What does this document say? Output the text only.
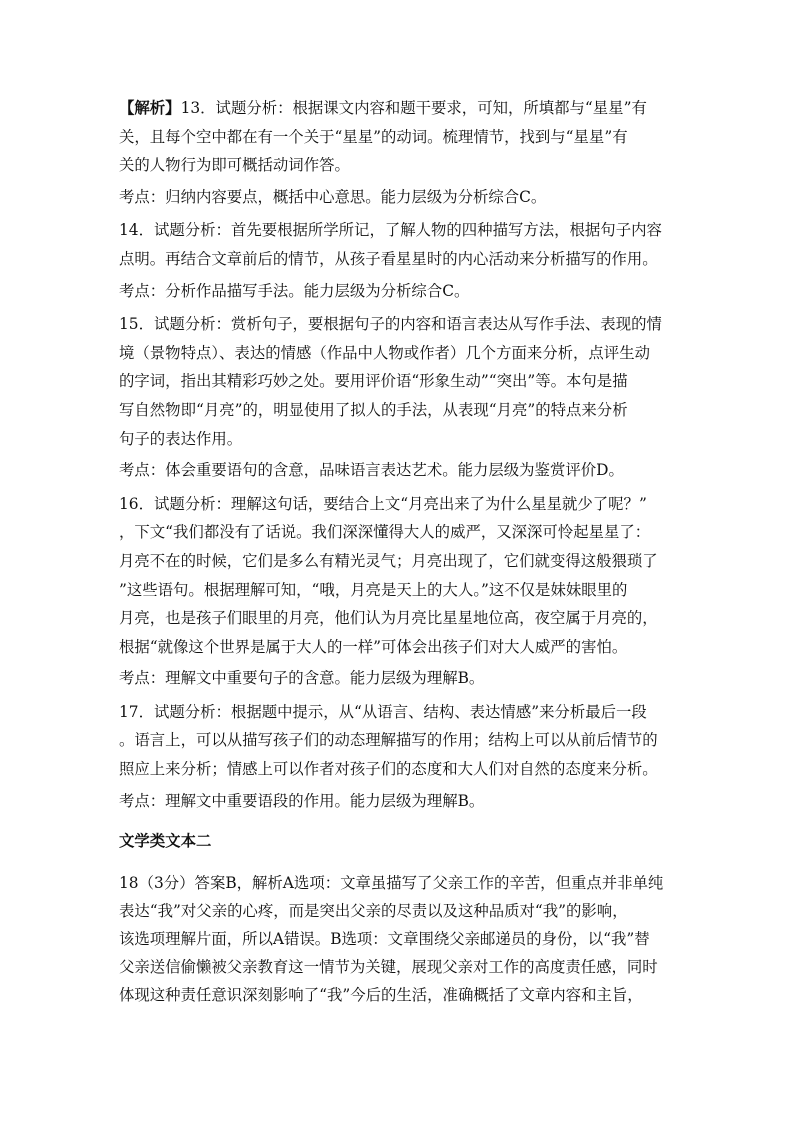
【解析】13．试题分析：根据课文内容和题干要求，可知，所填都与“星星”有

关，且每个空中都在有一个关于“星星”的动词。梳理情节，找到与“星星”有

关的人物行为即可概括动词作答。

考点：归纳内容要点，概括中心意思。能力层级为分析综合C。

14．试题分析：首先要根据所学所记，了解人物的四种描写方法，根据句子内容

点明。再结合文章前后的情节，从孩子看星星时的内心活动来分析描写的作用。

考点：分析作品描写手法。能力层级为分析综合C。

15．试题分析：赏析句子，要根据句子的内容和语言表达从写作手法、表现的情

境（景物特点）、表达的情感（作品中人物或作者）几个方面来分析，点评生动

的字词，指出其精彩巧妙之处。要用评价语“形象生动”“突出”等。本句是描

写自然物即“月亮”的，明显使用了拟人的手法，从表现“月亮”的特点来分析

句子的表达作用。

考点：体会重要语句的含意，品味语言表达艺术。能力层级为鉴赏评价D。

16．试题分析：理解这句话，要结合上文“月亮出来了为什么星星就少了呢？”

，下文“我们都没有了话说。我们深深懂得大人的威严，又深深可怜起星星了：

月亮不在的时候，它们是多么有精光灵气；月亮出现了，它们就变得这般猥琐了

”这些语句。根据理解可知，“哦，月亮是天上的大人。”这不仅是妹妹眼里的

月亮，也是孩子们眼里的月亮，他们认为月亮比星星地位高，夜空属于月亮的，

根据“就像这个世界是属于大人的一样”可体会出孩子们对大人威严的害怕。

考点：理解文中重要句子的含意。能力层级为理解B。

17．试题分析：根据题中提示，从“从语言、结构、表达情感”来分析最后一段

。语言上，可以从描写孩子们的动态理解描写的作用；结构上可以从前后情节的

照应上来分析；情感上可以作者对孩子们的态度和大人们对自然的态度来分析。

考点：理解文中重要语段的作用。能力层级为理解B。

文学类文本二

18（3分）答案B，解析A选项：文章虽描写了父亲工作的辛苦，但重点并非单纯

表达“我”对父亲的心疼，而是突出父亲的尽责以及这种品质对“我”的影响，

该选项理解片面，所以A错误。B选项：文章围绕父亲邮递员的身份，以“我”替

父亲送信偷懒被父亲教育这一情节为关键，展现父亲对工作的高度责任感，同时

体现这种责任意识深刻影响了“我”今后的生活，准确概括了文章内容和主旨，
